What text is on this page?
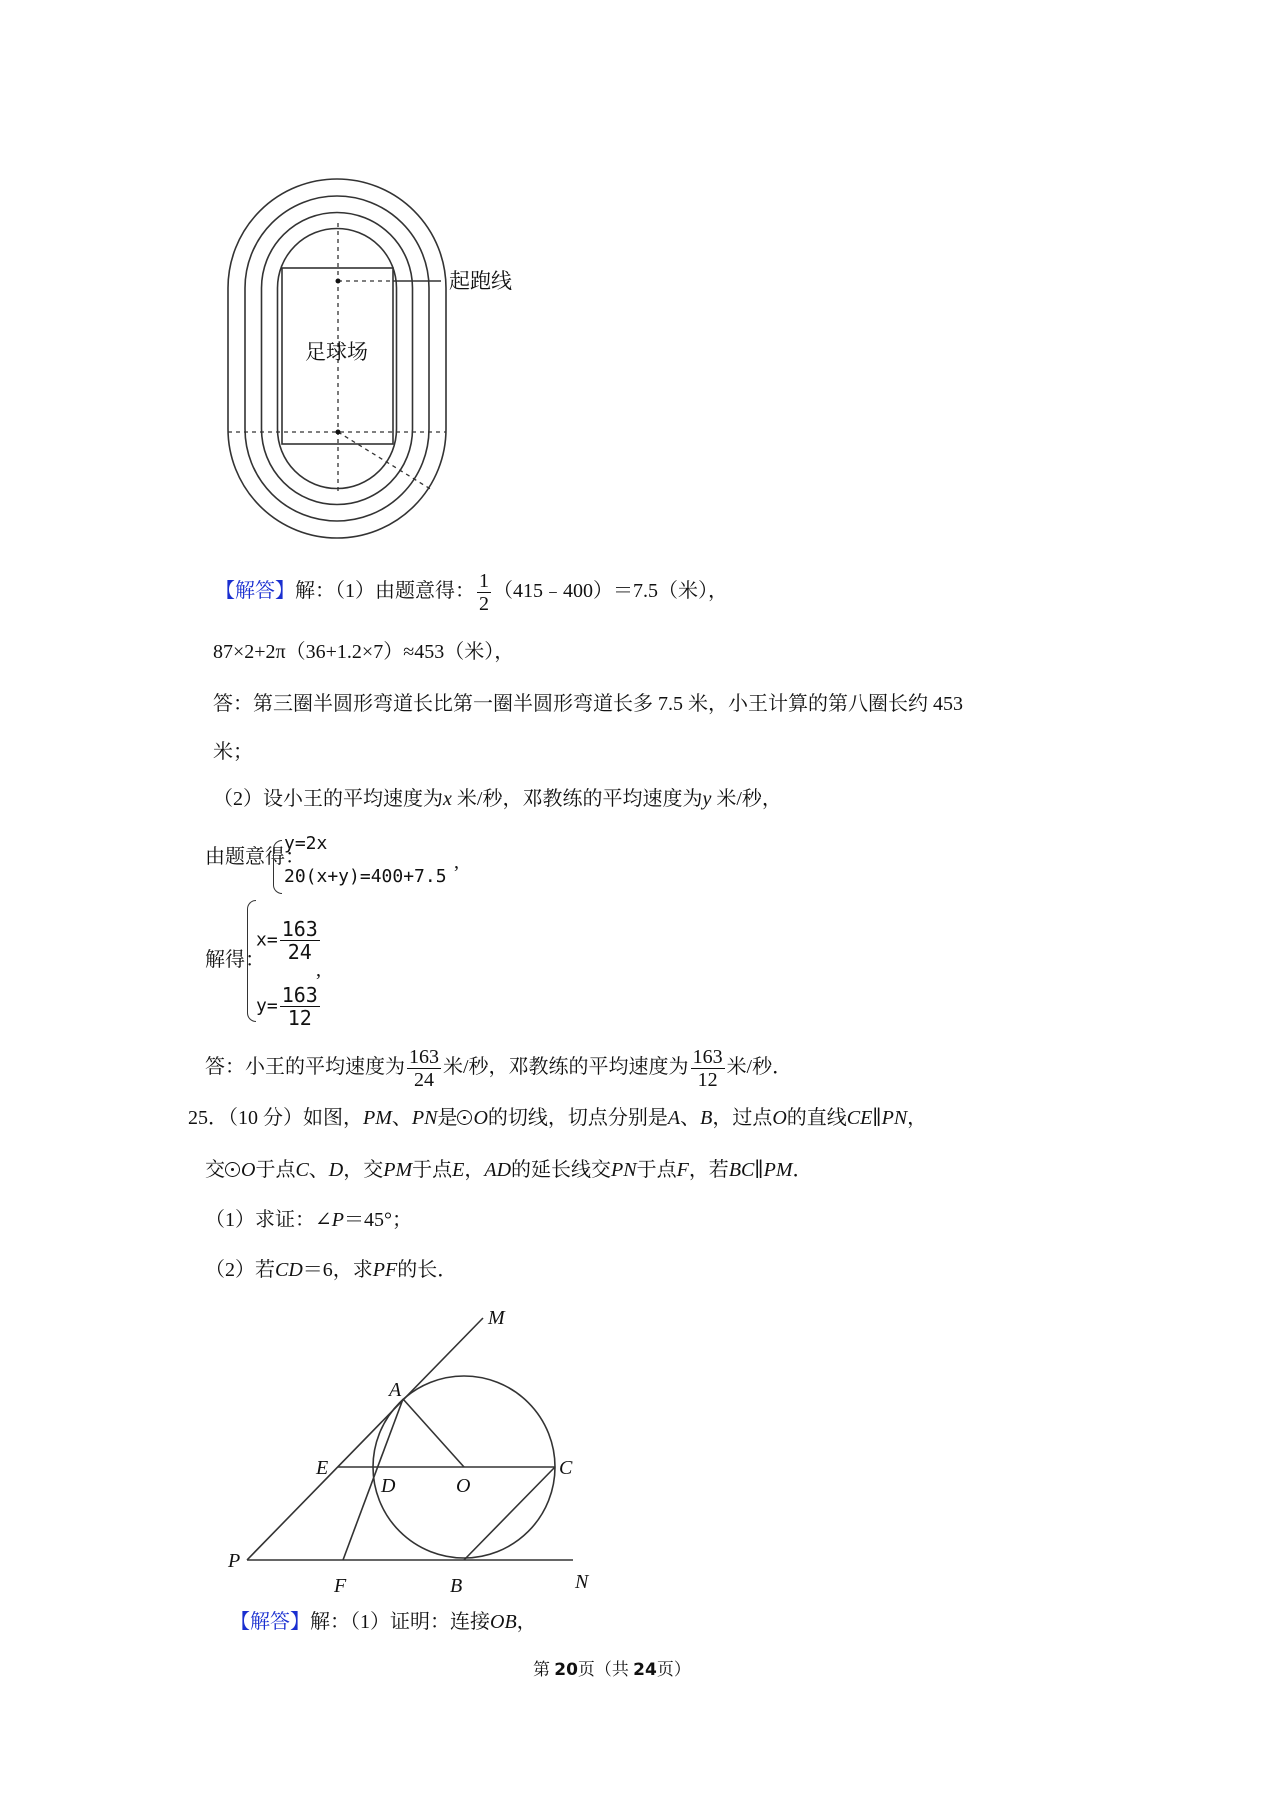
起跑线
足球场
【解答】解：（1）由题意得： $\frac{1}{2}$ （415﹣400）＝7.5（米），
87×2+2π（36+1.2×7）≈453（米），
答：第三圈半圆形弯道长比第一圈半圆形弯道长多 7.5 米，小王计算的第八圈长约 453
米；
（2）设小王的平均速度为x 米/秒，邓教练的平均速度为y 米/秒，
由题意得：
y=2x
20(x+y)=400+7.5
,
解得：
$x= \frac{163}{24}$
$y= \frac{163}{12}$
,
答：小王的平均速度为 $\frac{163}{24}$ 米/秒，邓教练的平均速度为 $\frac{163}{12}$ 米/秒．
25．（10 分）如图，PM、PN是 O的切线，切点分别是A、B，过点O的直线CE∥PN，
交 O于点C、D，交PM于点E，AD的延长线交PN于点F，若BC∥PM．
（1）求证：∠P＝45°；
（2）若CD＝6，求PF的长．
M
A
E
D	O
C
P
F	B	N
【解答】解：（1）证明：连接OB，
第 20页（共 24页）
